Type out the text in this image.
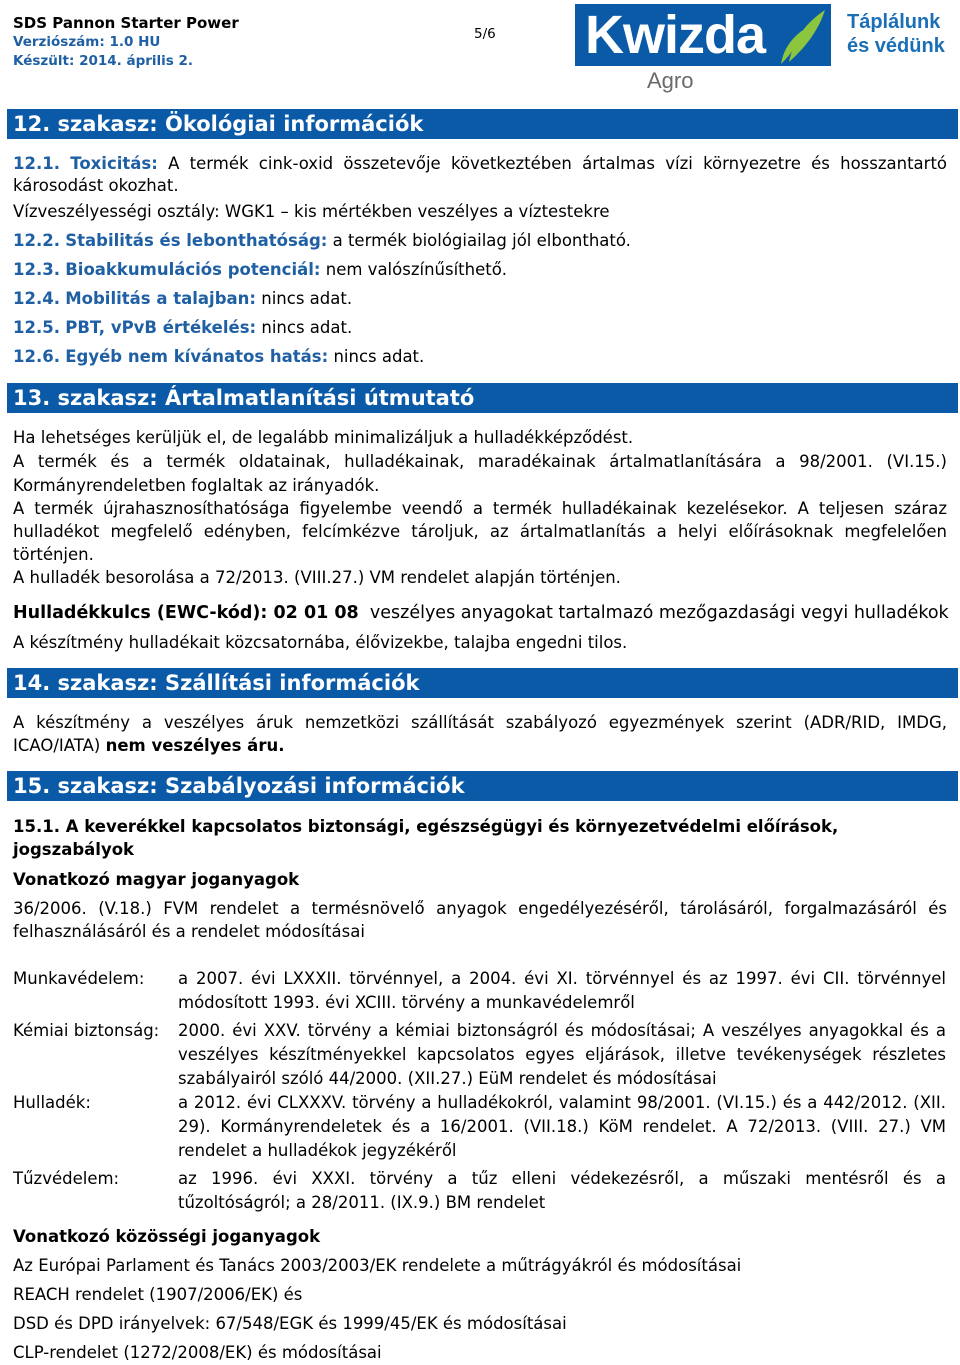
SDS Pannon Starter Power
Verziószám: 1.0 HU
Készült: 2014. április 2.
5/6 Kwizda
Agro
Táplálunk
és védünk
12. szakasz: Ökológiai információk
12.1. Toxicitás: A termék cink-oxid összetevője következtében ártalmas vízi környezetre és hosszantartó
károsodást okozhat.
Vízveszélyességi osztály: WGK1 – kis mértékben veszélyes a víztestekre
12.2. Stabilitás és lebonthatóság: a termék biológiailag jól elbontható.
12.3. Bioakkumulációs potenciál: nem valószínűsíthető.
12.4. Mobilitás a talajban: nincs adat.
12.5. PBT, vPvB értékelés: nincs adat.
12.6. Egyéb nem kívánatos hatás: nincs adat.
13. szakasz: Ártalmatlanítási útmutató
Ha lehetséges kerüljük el, de legalább minimalizáljuk a hulladékképződést.
A termék és a termék oldatainak, hulladékainak, maradékainak ártalmatlanítására a 98/2001. (VI.15.)
Kormányrendeletben foglaltak az irányadók.
A termék újrahasznosíthatósága figyelembe veendő a termék hulladékainak kezelésekor. A teljesen száraz
hulladékot megfelelő edényben, felcímkézve tároljuk, az ártalmatlanítás a helyi előírásoknak megfelelően
történjen.
A hulladék besorolása a 72/2013. (VIII.27.) VM rendelet alapján történjen.
Hulladékkulcs (EWC-kód): 02 01 08 veszélyes anyagokat tartalmazó mezőgazdasági vegyi hulladékok
A készítmény hulladékait közcsatornába, élővizekbe, talajba engedni tilos.
14. szakasz: Szállítási információk
A készítmény a veszélyes áruk nemzetközi szállítását szabályozó egyezmények szerint (ADR/RID, IMDG,
ICAO/IATA) nem veszélyes áru.
15. szakasz: Szabályozási információk
15.1. A keverékkel kapcsolatos biztonsági, egészségügyi és környezetvédelmi előírások,
jogszabályok
Vonatkozó magyar joganyagok
36/2006. (V.18.) FVM rendelet a termésnövelő anyagok engedélyezéséről, tárolásáról, forgalmazásáról és
felhasználásáról és a rendelet módosításai
Munkavédelem: a 2007. évi LXXXII. törvénnyel, a 2004. évi XI. törvénnyel és az 1997. évi CII. törvénnyel módosított 1993. évi XCIII. törvény a munkavédelemről
Kémiai biztonság: 2000. évi XXV. törvény a kémiai biztonságról és módosításai; A veszélyes anyagokkal és a veszélyes készítményekkel kapcsolatos egyes eljárások, illetve tevékenységek részletes szabályairól szóló 44/2000. (XII.27.) EüM rendelet és módosításai
Hulladék:	a 2012. évi CLXXXV. törvény a hulladékokról, valamint 98/2001. (VI.15.) és a 442/2012. (XII. 29). Kormányrendeletek és a 16/2001. (VII.18.) KöM rendelet. A 72/2013. (VIII. 27.) VM rendelet a hulladékok jegyzékéről
Tűzvédelem:	az 1996. évi XXXI. törvény a tűz elleni védekezésről, a műszaki mentésről és a tűzoltóságról; a 28/2011. (IX.9.) BM rendelet
Vonatkozó közösségi joganyagok
Az Európai Parlament és Tanács 2003/2003/EK rendelete a műtrágyákról és módosításai
REACH rendelet (1907/2006/EK) és
DSD és DPD irányelvek: 67/548/EGK és 1999/45/EK és módosításai
CLP-rendelet (1272/2008/EK) és módosításai
